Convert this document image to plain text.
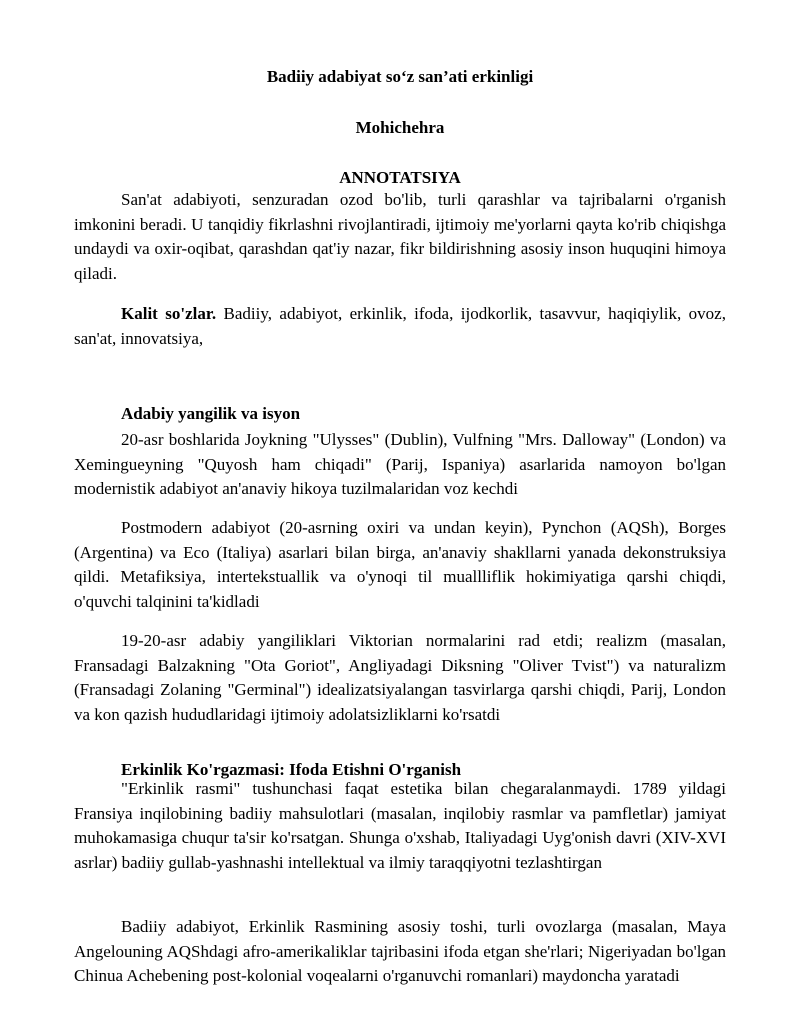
Badiiy adabiyat so‘z san’ati erkinligi
Mohichehra
ANNOTATSIYA
San'at adabiyoti, senzuradan ozod bo'lib, turli qarashlar va tajribalarni o'rganish imkonini beradi. U tanqidiy fikrlashni rivojlantiradi, ijtimoiy me'yorlarni qayta ko'rib chiqishga undaydi va oxir-oqibat, qarashdan qat'iy nazar, fikr bildirishning asosiy inson huquqini himoya qiladi.
Kalit so'zlar. Badiiy, adabiyot, erkinlik, ifoda, ijodkorlik, tasavvur, haqiqiylik, ovoz, san'at, innovatsiya,
Adabiy yangilik va isyon
20-asr boshlarida Joykning "Ulysses" (Dublin), Vulfning "Mrs. Dalloway" (London) va Xemingueyning "Quyosh ham chiqadi" (Parij, Ispaniya) asarlarida namoyon bo'lgan modernistik adabiyot an'anaviy hikoya tuzilmalaridan voz kechdi
Postmodern adabiyot (20-asrning oxiri va undan keyin), Pynchon (AQSh), Borges (Argentina) va Eco (Italiya) asarlari bilan birga, an'anaviy shakllarni yanada dekonstruksiya qildi. Metafiksiya, intertekstuallik va o'ynoqi til muallliflik hokimiyatiga qarshi chiqdi, o'quvchi talqinini ta'kidladi
19-20-asr adabiy yangiliklari Viktorian normalarini rad etdi; realizm (masalan, Fransadagi Balzakning "Ota Goriot", Angliyadagi Diksning "Oliver Tvist") va naturalizm (Fransadagi Zolaning "Germinal") idealizatsiyalangan tasvirlarga qarshi chiqdi, Parij, London va kon qazish hududlaridagi ijtimoiy adolatsizliklarni ko'rsatdi
Erkinlik Ko'rgazmasi: Ifoda Etishni O'rganish
"Erkinlik rasmi" tushunchasi faqat estetika bilan chegaralanmaydi. 1789 yildagi Fransiya inqilobining badiiy mahsulotlari (masalan, inqilobiy rasmlar va pamfletlar) jamiyat muhokamasiga chuqur ta'sir ko'rsatgan. Shunga o'xshab, Italiyadagi Uyg'onish davri (XIV-XVI asrlar) badiiy gullab-yashnashi intellektual va ilmiy taraqqiyotni tezlashtirgan
Badiiy adabiyot, Erkinlik Rasmining asosiy toshi, turli ovozlarga (masalan, Maya Angelouning AQShdagi afro-amerikaliklar tajribasini ifoda etgan she'rlari; Nigeriyadan bo'lgan Chinua Achebening post-kolonial voqealarni o'rganuvchi romanlari) maydoncha yaratadi
